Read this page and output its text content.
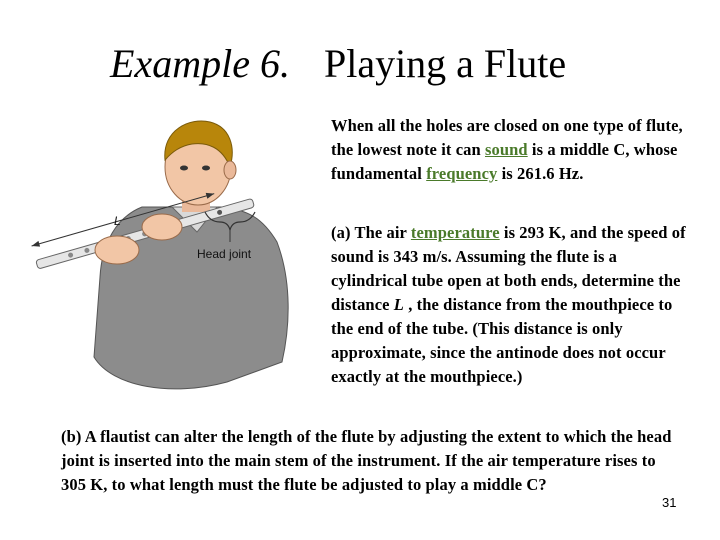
Example 6. Playing a Flute
L
Head joint
When all the holes are closed on one type of flute, the lowest note it can sound is a middle C, whose fundamental frequency is 261.6 Hz.
(a) The air temperature is 293 K, and the speed of sound is 343 m/s. Assuming the flute is a cylindrical tube open at both ends, determine the distance L , the distance from the mouthpiece to the end of the tube. (This distance is only approximate, since the antinode does not occur exactly at the mouthpiece.)
(b) A flautist can alter the length of the flute by adjusting the extent to which the head joint is inserted into the main stem of the instrument. If the air temperature rises to 305 K, to what length must the flute be adjusted to play a middle C?
31
